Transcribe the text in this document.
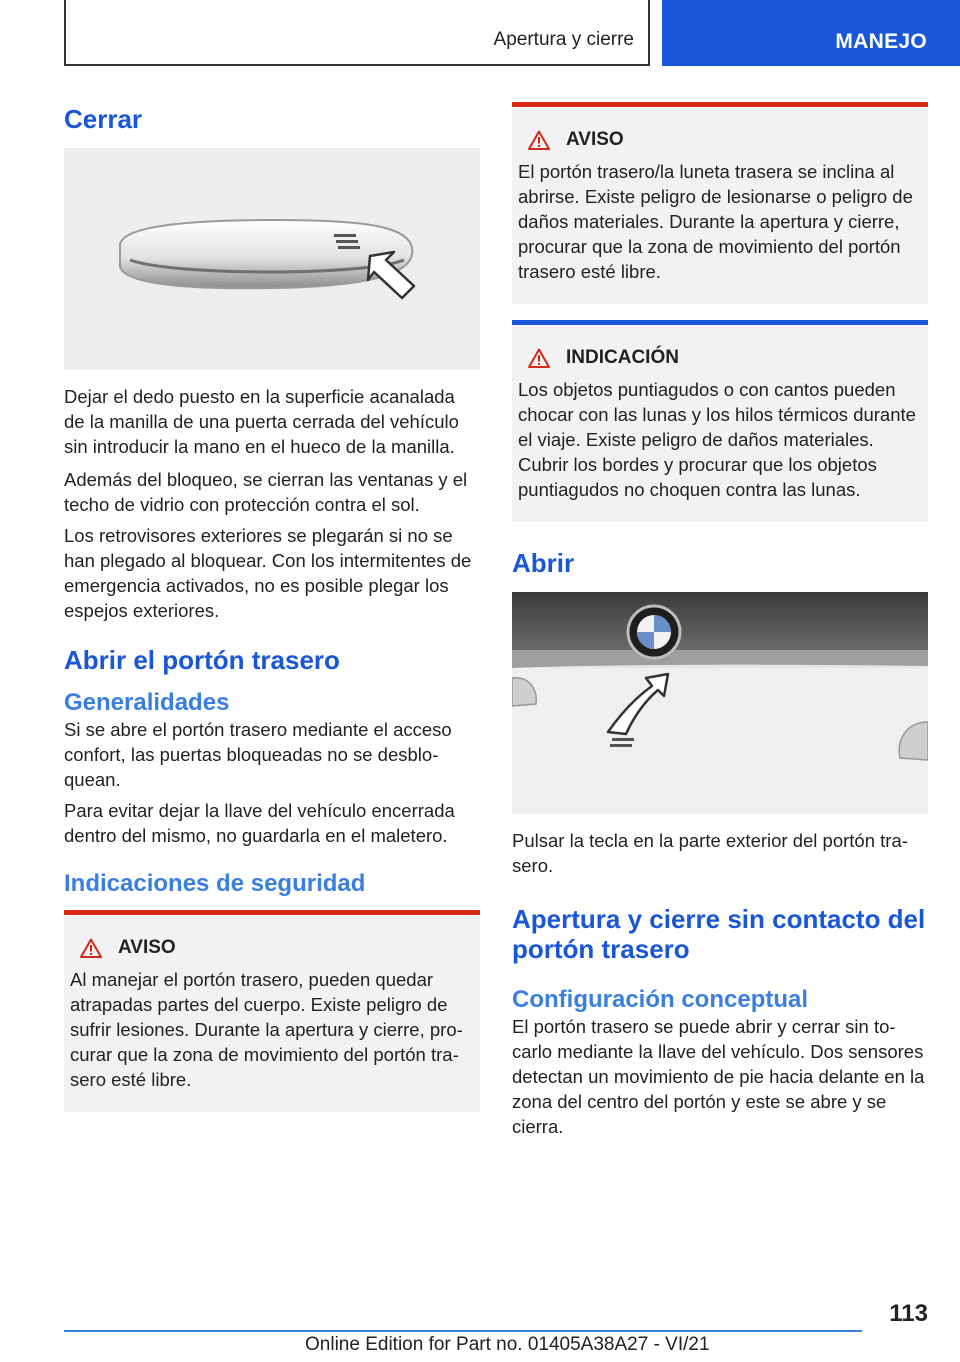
Apertura y cierre	MANEJO
Cerrar
Dejar el dedo puesto en la superficie acanalada de la manilla de una puerta cerrada del vehículo sin introducir la mano en el hueco de la manilla.
Además del bloqueo, se cierran las ventanas y el techo de vidrio con protección contra el sol.
Los retrovisores exteriores se plegarán si no se han plegado al bloquear. Con los intermitentes de emergencia activados, no es posible plegar los espejos exteriores.
Abrir el portón trasero
Generalidades
Si se abre el portón trasero mediante el acceso confort, las puertas bloqueadas no se desbloquean.
Para evitar dejar la llave del vehículo encerrada dentro del mismo, no guardarla en el maletero.
Indicaciones de seguridad
AVISO
Al manejar el portón trasero, pueden quedar atrapadas partes del cuerpo. Existe peligro de sufrir lesiones. Durante la apertura y cierre, procurar que la zona de movimiento del portón trasero esté libre.
AVISO
El portón trasero/la luneta trasera se inclina al abrirse. Existe peligro de lesionarse o peligro de daños materiales. Durante la apertura y cierre, procurar que la zona de movimiento del portón trasero esté libre.
INDICACIÓN
Los objetos puntiagudos o con cantos pueden chocar con las lunas y los hilos térmicos durante el viaje. Existe peligro de daños materiales. Cubrir los bordes y procurar que los objetos puntiagudos no choquen contra las lunas.
Abrir
Pulsar la tecla en la parte exterior del portón trasero.
Apertura y cierre sin contacto del portón trasero
Configuración conceptual
El portón trasero se puede abrir y cerrar sin tocarlo mediante la llave del vehículo. Dos sensores detectan un movimiento de pie hacia delante en la zona del centro del portón y este se abre y se cierra.
113
Online Edition for Part no. 01405A38A27 - VI/21
